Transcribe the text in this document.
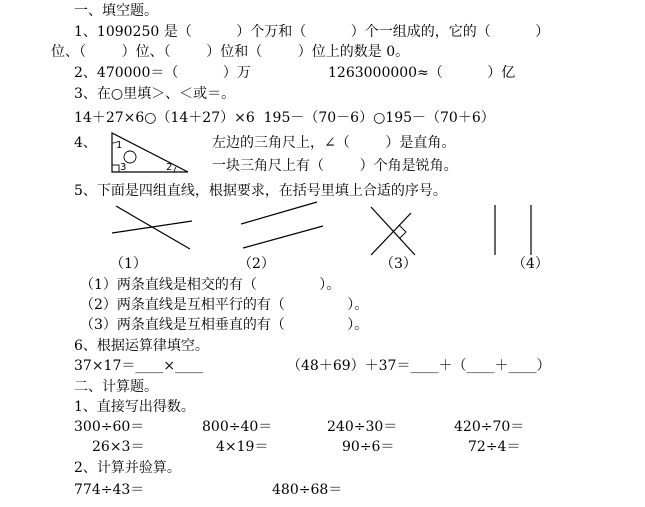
一、填空题。
1、1090250 是（          ）个万和（          ）个一组成的，它的（          ）
位、（        ）位、（        ）位和（        ）位上的数是 0。
2、470000＝（          ）万	1263000000≈（          ）亿
3、在○里填＞、＜或＝。
14＋27×6○（14＋27）×6  195－（70－6）○195－（70＋6）
4、 1
3	2
左边的三角尺上，∠（        ）是直角。
一块三角尺上有（        ）个角是锐角。
5、下面是四组直线，根据要求，在括号里填上合适的序号。
（1）	（2）	（3）	（4）
（1）两条直线是相交的有（              ）。
（2）两条直线是互相平行的有（              ）。
（3）两条直线是互相垂直的有（              ）。
6、根据运算律填空。
37×17＝____×____	（48＋69）＋37＝____＋（____＋____）
二、计算题。
1、直接写出得数。
300÷60＝	800÷40＝	240÷30＝	420÷70＝
26×3＝	4×19＝	90÷6＝	72÷4＝
2、计算并验算。
774÷43＝	480÷68＝
